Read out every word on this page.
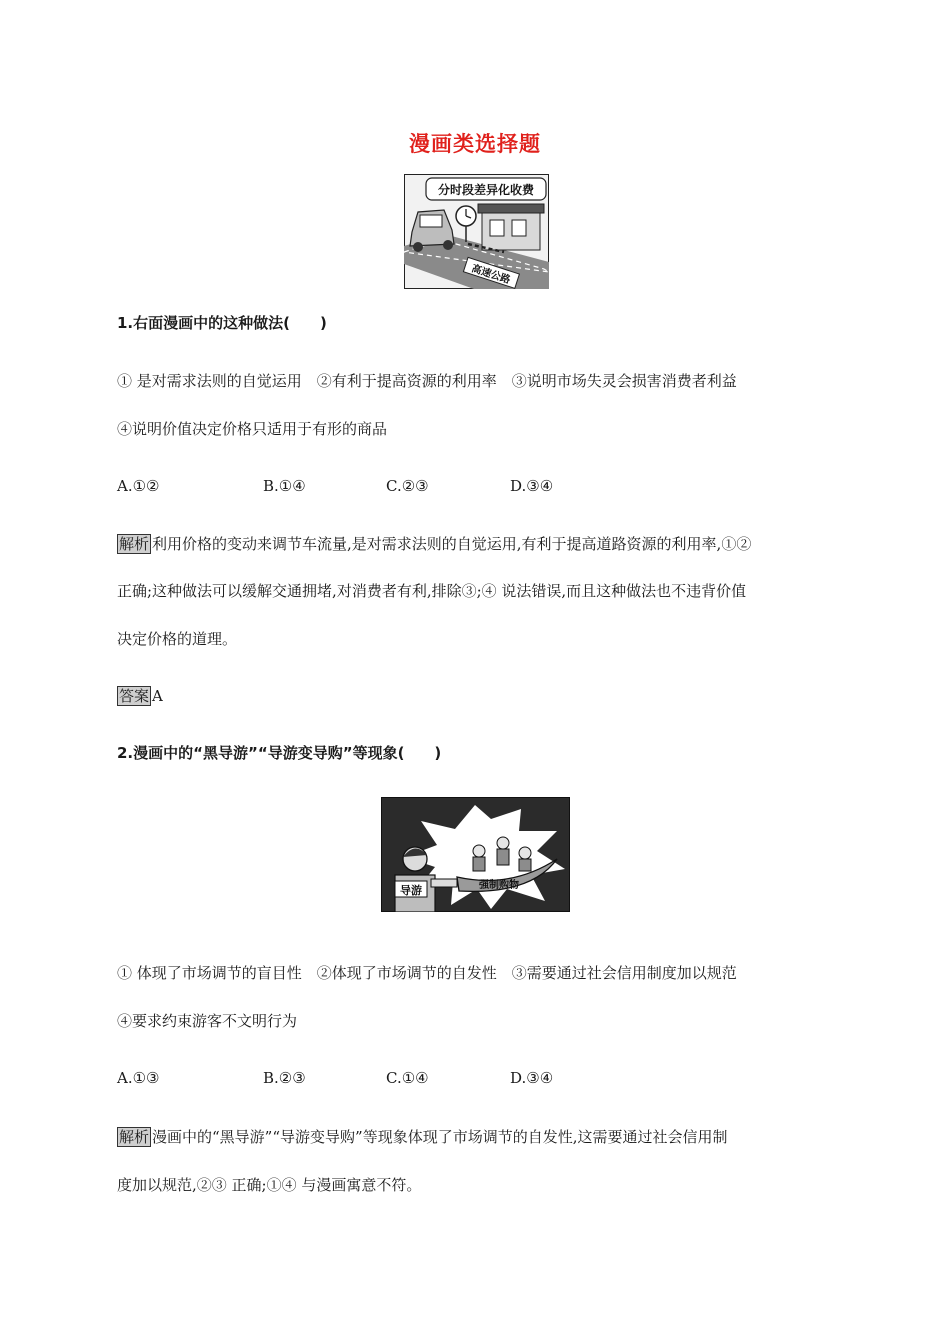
漫画类选择题
分时段差异化收费
高速公路
1.右面漫画中的这种做法(　　)
① 是对需求法则的自觉运用　②有利于提高资源的利用率　③说明市场失灵会损害消费者利益
④说明价值决定价格只适用于有形的商品
A.①②	B.①④	C.②③	D.③④
解析 利用价格的变动来调节车流量,是对需求法则的自觉运用,有利于提高道路资源的利用率,①②
正确;这种做法可以缓解交通拥堵,对消费者有利,排除③;④ 说法错误,而且这种做法也不违背价值
决定价格的道理。
答案 A
2.漫画中的“黑导游”“导游变导购”等现象(　　)
导游	强制购物
① 体现了市场调节的盲目性　②体现了市场调节的自发性　③需要通过社会信用制度加以规范
④要求约束游客不文明行为
A.①③	B.②③	C.①④	D.③④
解析 漫画中的“黑导游”“导游变导购”等现象体现了市场调节的自发性,这需要通过社会信用制
度加以规范,②③ 正确;①④ 与漫画寓意不符。
